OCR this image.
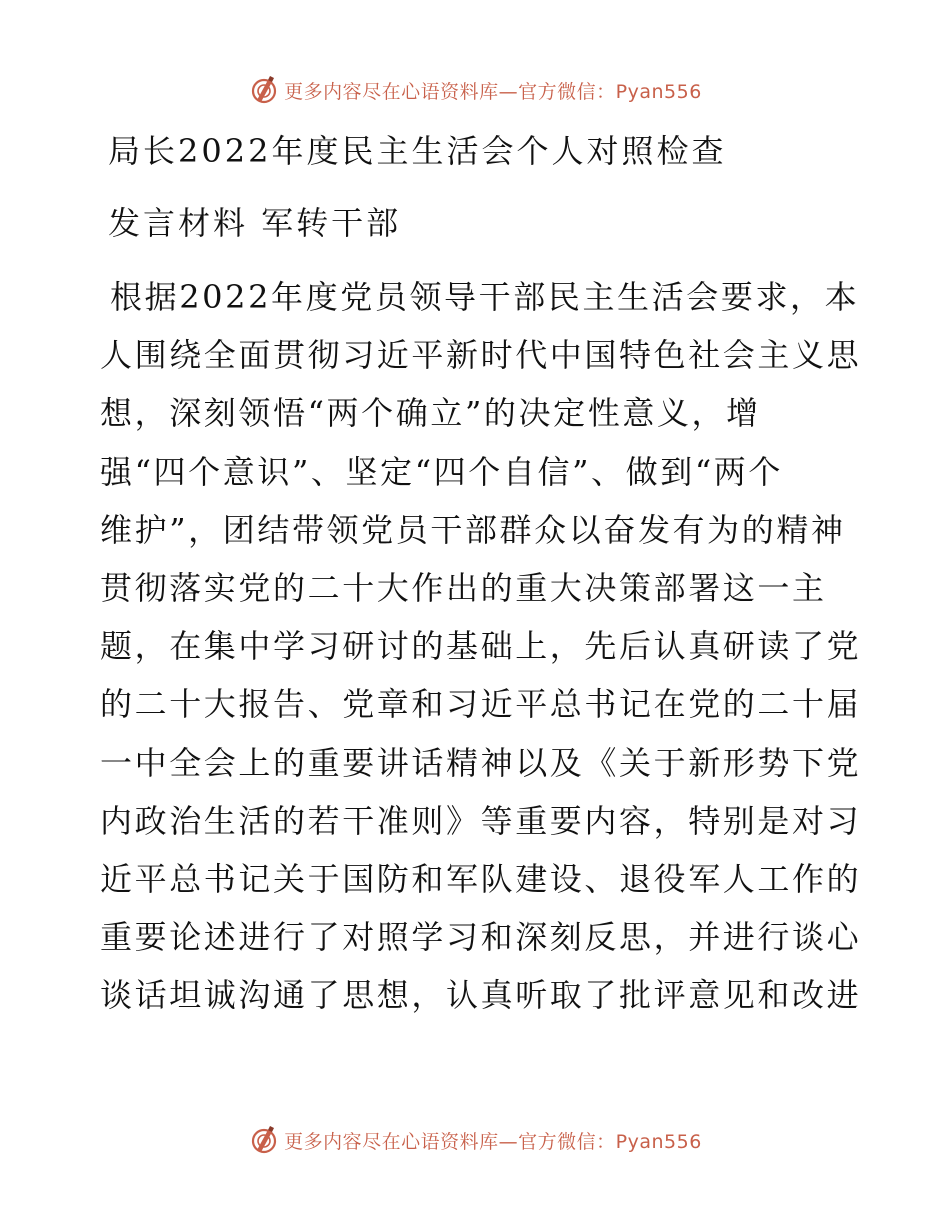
更多内容尽在心语资料库—官方微信：Pyan556
局长2022年度民主生活会个人对照检查
发言材料 军转干部
根据2022年度党员领导干部民主生活会要求，本
人围绕全面贯彻习近平新时代中国特色社会主义思
想，深刻领悟“两个确立”的决定性意义，增
强“四个意识”、坚定“四个自信”、做到“两个
维护”，团结带领党员干部群众以奋发有为的精神
贯彻落实党的二十大作出的重大决策部署这一主
题，在集中学习研讨的基础上，先后认真研读了党
的二十大报告、党章和习近平总书记在党的二十届
一中全会上的重要讲话精神以及《关于新形势下党
内政治生活的若干准则》等重要内容，特别是对习
近平总书记关于国防和军队建设、退役军人工作的
重要论述进行了对照学习和深刻反思，并进行谈心
谈话坦诚沟通了思想，认真听取了批评意见和改进
更多内容尽在心语资料库—官方微信：Pyan556
